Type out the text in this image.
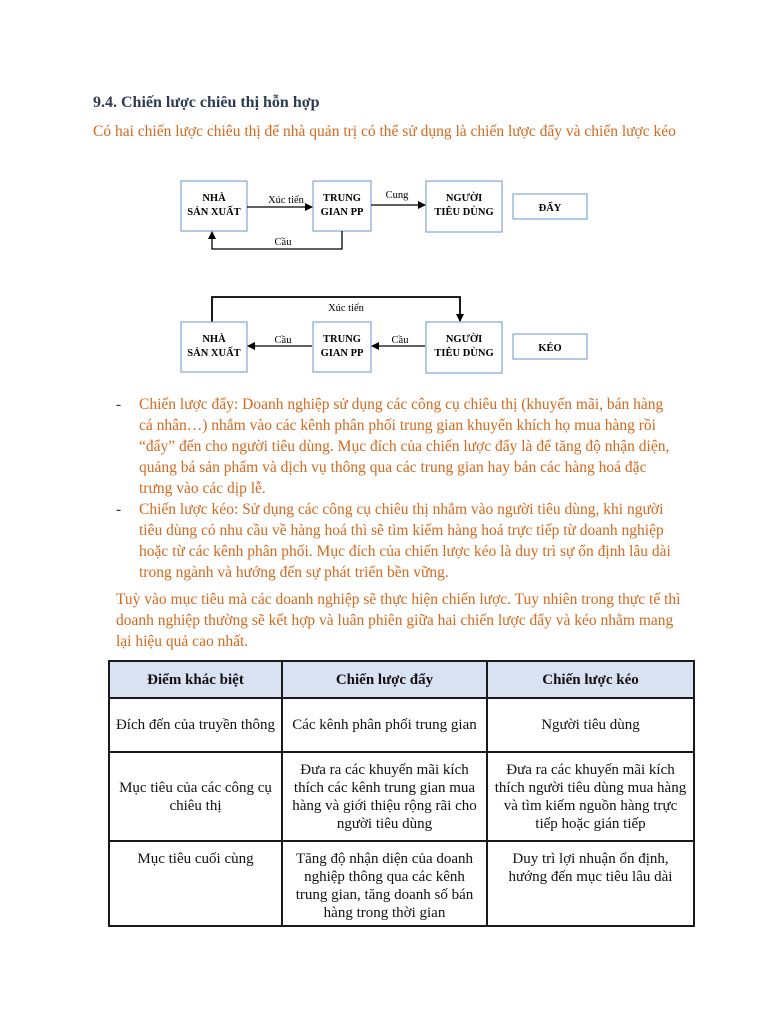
9.4. Chiến lược chiêu thị hỗn hợp

Có hai chiến lược chiêu thị để nhà quản trị có thể sử dụng là chiến lược đẩy và chiến lược kéo

NHÀ
SẢN XUẤT
TRUNG
GIAN PP
NGƯỜI
TIÊU DÙNG	ĐẨY
Xúc tiến	Cung
Cầu
Xúc tiến
NHÀ
SẢN XUẤT
TRUNG
GIAN PP
NGƯỜI
TIÊU DÙNG	KÉO
Cầu	Cầu
- Chiến lược đẩy: Doanh nghiệp sử dụng các công cụ chiêu thị (khuyến mãi, bán hàng cá nhân…) nhắm vào các kênh phân phối trung gian khuyến khích họ mua hàng rồi “đẩy” đến cho người tiêu dùng. Mục đích của chiến lược đẩy là để tăng độ nhận diện, quảng bá sản phẩm và dịch vụ thông qua các trung gian hay bán các hàng hoá đặc trưng vào các dịp lễ.
- Chiến lược kéo: Sử dụng các công cụ chiêu thị nhắm vào người tiêu dùng, khi người tiêu dùng có nhu cầu về hàng hoá thì sẽ tìm kiếm hàng hoá trực tiếp từ doanh nghiệp hoặc từ các kênh phân phối. Mục đích của chiến lược kéo là duy trì sự ổn định lâu dài trong ngành và hướng đến sự phát triển bền vững.

Tuỳ vào mục tiêu mà các doanh nghiệp sẽ thực hiện chiến lược. Tuy nhiên trong thực tế thì doanh nghiệp thường sẽ kết hợp và luân phiên giữa hai chiến lược đẩy và kéo nhằm mang lại hiệu quả cao nhất.

Điểm khác biệt	Chiến lược đẩy	Chiến lược kéo
Đích đến của truyền thông	Các kênh phân phối trung gian	Người tiêu dùng
Mục tiêu của các công cụ chiêu thị	Đưa ra các khuyến mãi kích thích các kênh trung gian mua hàng và giới thiệu rộng rãi cho người tiêu dùng	Đưa ra các khuyến mãi kích thích người tiêu dùng mua hàng và tìm kiếm nguồn hàng trực tiếp hoặc gián tiếp
Mục tiêu cuối cùng	Tăng độ nhận diện của doanh nghiệp thông qua các kênh trung gian, tăng doanh số bán hàng trong thời gian	Duy trì lợi nhuận ổn định, hướng đến mục tiêu lâu dài
